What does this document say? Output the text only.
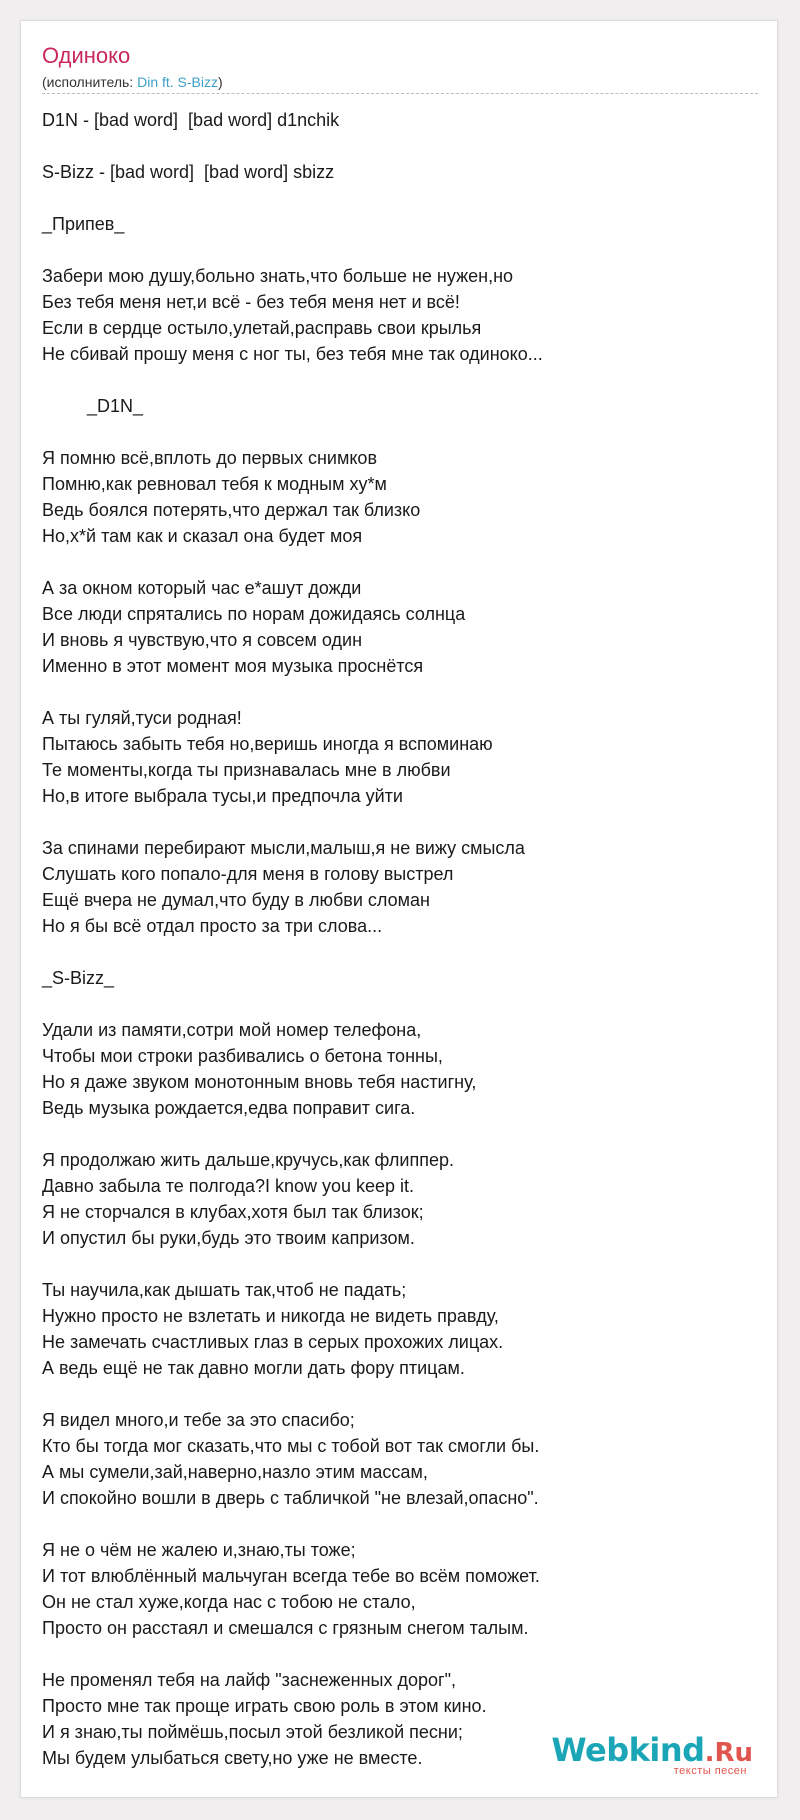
Одиноко
(исполнитель: Din ft. S-Bizz)
D1N - [bad word]  [bad word] d1nchik
S-Bizz - [bad word]  [bad word] sbizz
_Припев_
Забери мою душу,больно знать,что больше не нужен,но
Без тебя меня нет,и всё - без тебя меня нет и всё!
Если в сердце остыло,улетай,расправь свои крылья
Не сбивай прошу меня с ног ты, без тебя мне так одиноко...
_D1N_
Я помню всё,вплоть до первых снимков
Помню,как ревновал тебя к модным ху*м
Ведь боялся потерять,что держал так близко
Но,х*й там как и сказал она будет моя
А за окном который час е*ашут дожди
Все люди спрятались по норам дожидаясь солнца
И вновь я чувствую,что я совсем один
Именно в этот момент моя музыка проснётся
А ты гуляй,туси родная!
Пытаюсь забыть тебя но,веришь иногда я вспоминаю
Те моменты,когда ты признавалась мне в любви
Но,в итоге выбрала тусы,и предпочла уйти
За спинами перебирают мысли,малыш,я не вижу смысла
Слушать кого попало-для меня в голову выстрел
Ещё вчера не думал,что буду в любви сломан
Но я бы всё отдал просто за три слова...
_S-Bizz_
Удали из памяти,сотри мой номер телефона,
Чтобы мои строки разбивались о бетона тонны,
Но я даже звуком монотонным вновь тебя настигну,
Ведь музыка рождается,едва поправит сига.
Я продолжаю жить дальше,кручусь,как флиппер.
Давно забыла те полгода?I know you keep it.
Я не сторчался в клубах,хотя был так близок;
И опустил бы руки,будь это твоим капризом.
Ты научила,как дышать так,чтоб не падать;
Нужно просто не взлетать и никогда не видеть правду,
Не замечать счастливых глаз в серых прохожих лицах.
А ведь ещё не так давно могли дать фору птицам.
Я видел много,и тебе за это спасибо;
Кто бы тогда мог сказать,что мы с тобой вот так смогли бы.
А мы сумели,зай,наверно,назло этим массам,
И спокойно вошли в дверь с табличкой "не влезай,опасно".
Я не о чём не жалею и,знаю,ты тоже;
И тот влюблённый мальчуган всегда тебе во всём поможет.
Он не стал хуже,когда нас с тобою не стало,
Просто он расстаял и смешался с грязным снегом талым.
Не променял тебя на лайф "заснеженных дорог",
Просто мне так проще играть свою роль в этом кино.
И я знаю,ты поймёшь,посыл этой безликой песни;
Мы будем улыбаться свету,но уже не вместе.	Webkind.Ru
тексты песен
